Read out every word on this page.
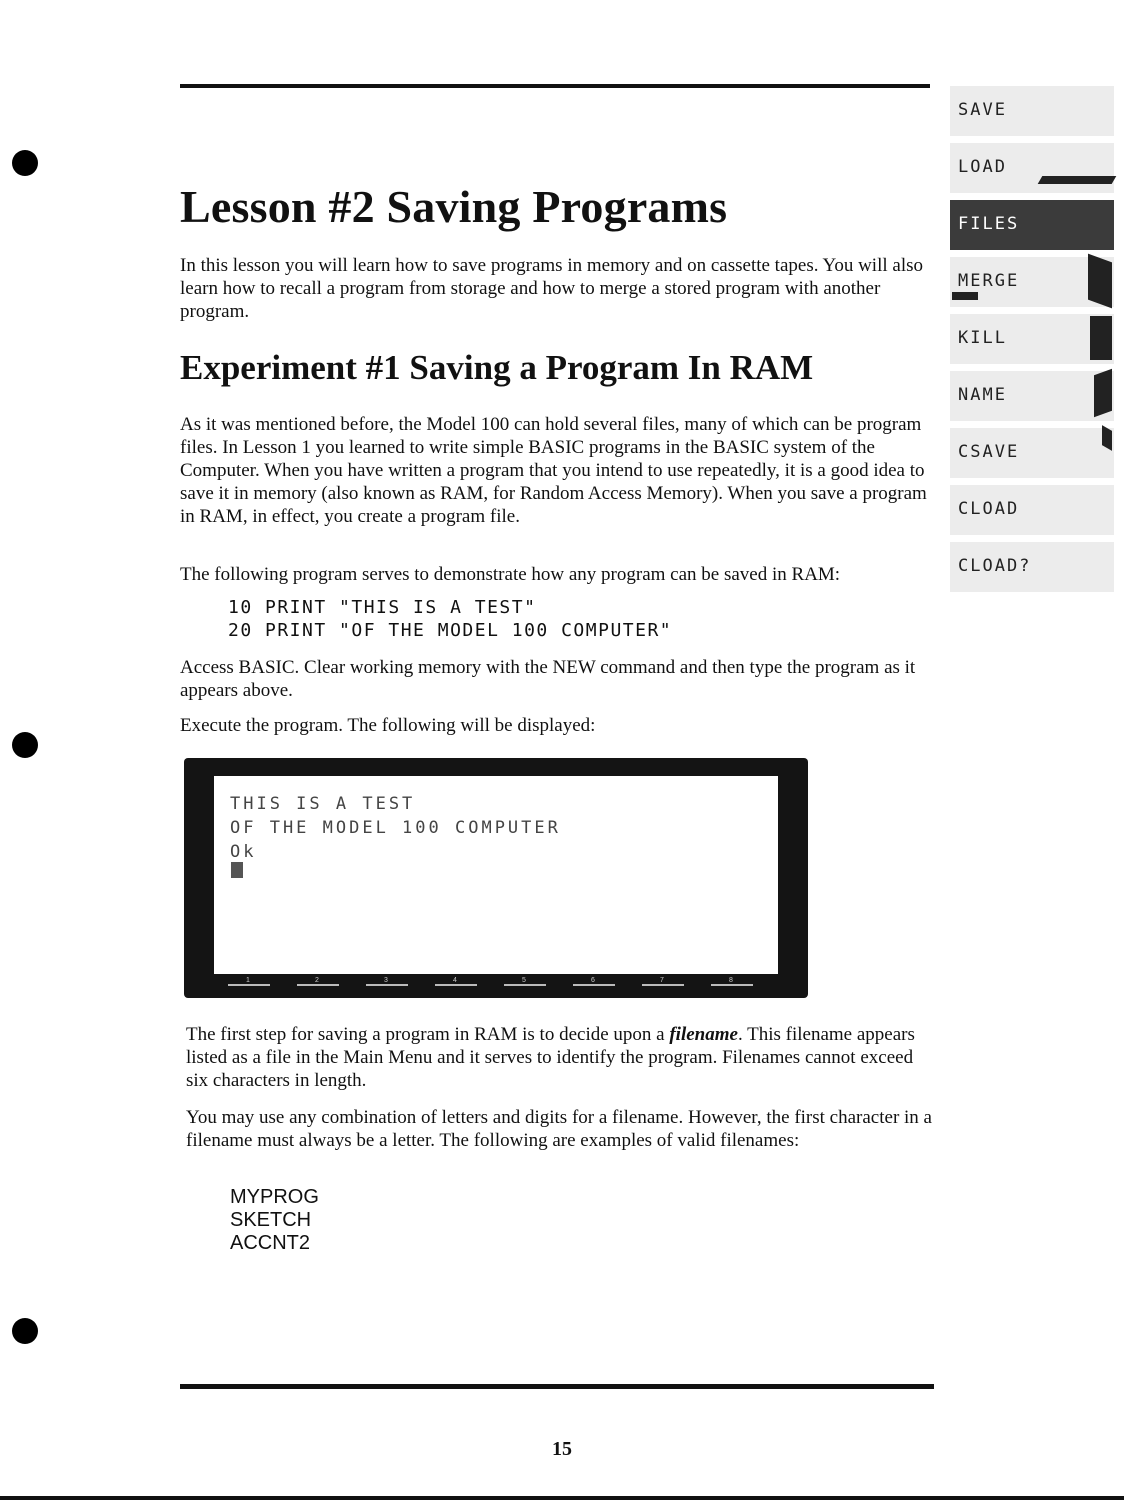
Lesson #2 Saving Programs

In this lesson you will learn how to save programs in memory and on cassette tapes. You will also learn how to recall a program from storage and how to merge a stored program with another program.

Experiment #1 Saving a Program In RAM

As it was mentioned before, the Model 100 can hold several files, many of which can be program files. In Lesson 1 you learned to write simple BASIC programs in the BASIC system of the Computer. When you have written a program that you intend to use repeatedly, it is a good idea to save it in memory (also known as RAM, for Random Access Memory). When you save a program in RAM, in effect, you create a program file.

The following program serves to demonstrate how any program can be saved in RAM:

10 PRINT "THIS IS A TEST"
20 PRINT "OF THE MODEL 100 COMPUTER"

Access BASIC. Clear working memory with the NEW command and then type the program as it appears above.

Execute the program. The following will be displayed:

THIS IS A TEST
OF THE MODEL 100 COMPUTER
Ok

The first step for saving a program in RAM is to decide upon a filename. This filename appears listed as a file in the Main Menu and it serves to identify the program. Filenames cannot exceed six characters in length.

You may use any combination of letters and digits for a filename. However, the first character in a filename must always be a letter. The following are examples of valid filenames:

MYPROG
SKETCH
ACCNT2
SAVE
LOAD
FILES
MERGE
KILL
NAME
CSAVE
CLOAD
CLOAD?
15
1	2	3	4	5	6	7	8
